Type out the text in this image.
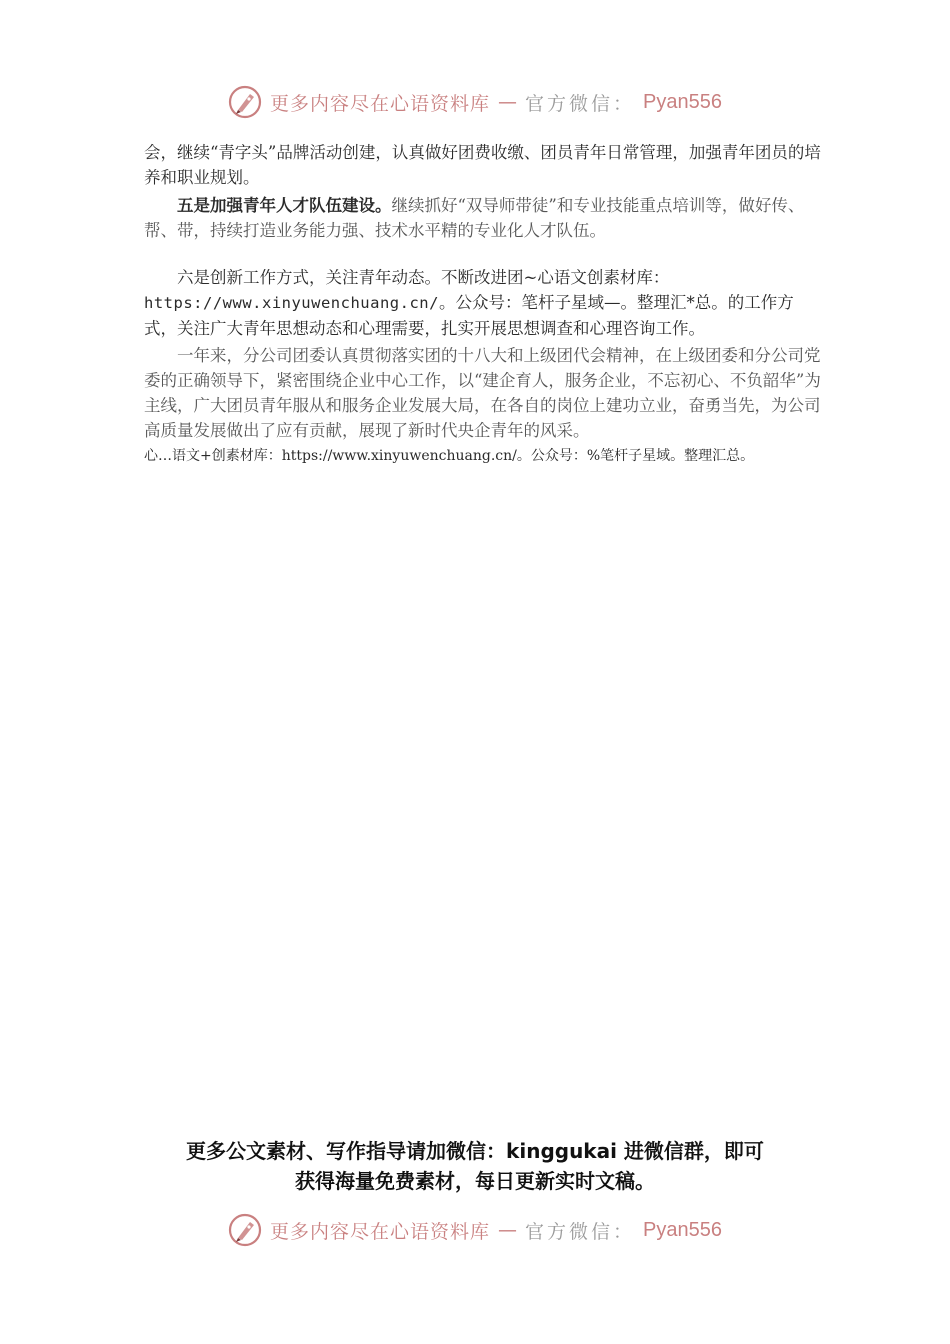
更多内容尽在心语资料库 — 官方微信： Pyan556

会，继续“青字头”品牌活动创建，认真做好团费收缴、团员青年日常管理，加强青年团员的培养和职业规划。

五是加强青年人才队伍建设。继续抓好“双导师带徒”和专业技能重点培训等，做好传、帮、带，持续打造业务能力强、技术水平精的专业化人才队伍。

六是创新工作方式，关注青年动态。不断改进团~心语文创素材库：https://www.xinyuwenchuang.cn/。公众号：笔杆子星域—。整理汇*总。的工作方式，关注广大青年思想动态和心理需要，扎实开展思想调查和心理咨询工作。

一年来，分公司团委认真贯彻落实团的十八大和上级团代会精神，在上级团委和分公司党委的正确领导下，紧密围绕企业中心工作，以“建企育人，服务企业，不忘初心、不负韶华”为主线，广大团员青年服从和服务企业发展大局，在各自的岗位上建功立业，奋勇当先，为公司高质量发展做出了应有贡献，展现了新时代央企青年的风采。

心…语文+创素材库：https://www.xinyuwenchuang.cn/。公众号：%笔杆子星域。整理汇总。

更多公文素材、写作指导请加微信：kinggukai 进微信群，即可
获得海量免费素材，每日更新实时文稿。
更多内容尽在心语资料库 — 官方微信： Pyan556
